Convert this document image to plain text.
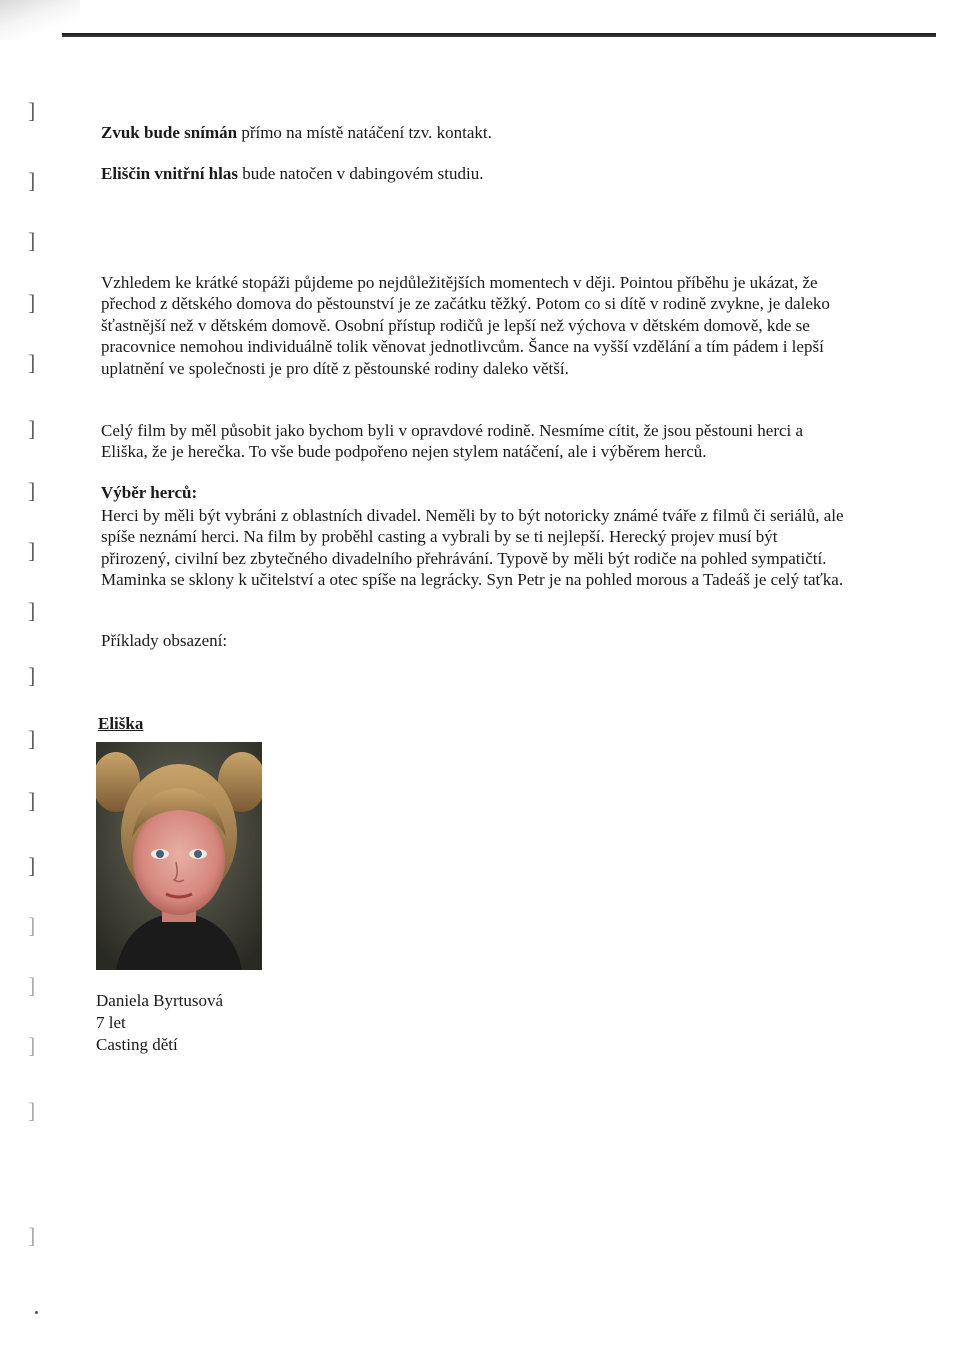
]
]
]
]
]
]
]
]
]
]
]
]
]
]
]
]
]
]

Zvuk bude snímán přímo na místě natáčení tzv. kontakt.

Eliščin vnitřní hlas bude natočen v dabingovém studiu.

Vzhledem ke krátké stopáži půjdeme po nejdůležitějších momentech v ději. Pointou příběhu je ukázat, že přechod z dětského domova do pěstounství je ze začátku těžký. Potom co si dítě v rodině zvykne, je daleko šťastnější než v dětském domově. Osobní přístup rodičů je lepší než výchova v dětském domově, kde se pracovnice nemohou individuálně tolik věnovat jednotlivcům. Šance na vyšší vzdělání a tím pádem i lepší uplatnění ve společnosti je pro dítě z pěstounské rodiny daleko větší.

Celý film by měl působit jako bychom byli v opravdové rodině. Nesmíme cítit, že jsou pěstouni herci a Eliška, že je herečka. To vše bude podpořeno nejen stylem natáčení, ale i výběrem herců.

Výběr herců:

Herci by měli být vybráni z oblastních divadel. Neměli by to být notoricky známé tváře z filmů či seriálů, ale spíše neznámí herci. Na film by proběhl casting a vybrali by se ti nejlepší. Herecký projev musí být přirozený, civilní bez zbytečného divadelního přehrávání. Typově by měli být rodiče na pohled sympatičtí. Maminka se sklony k učitelství a otec spíše na legrácky. Syn Petr je na pohled morous a Tadeáš je celý taťka.

Příklady obsazení:

Eliška

Daniela Byrtusová

7 let

Casting dětí
